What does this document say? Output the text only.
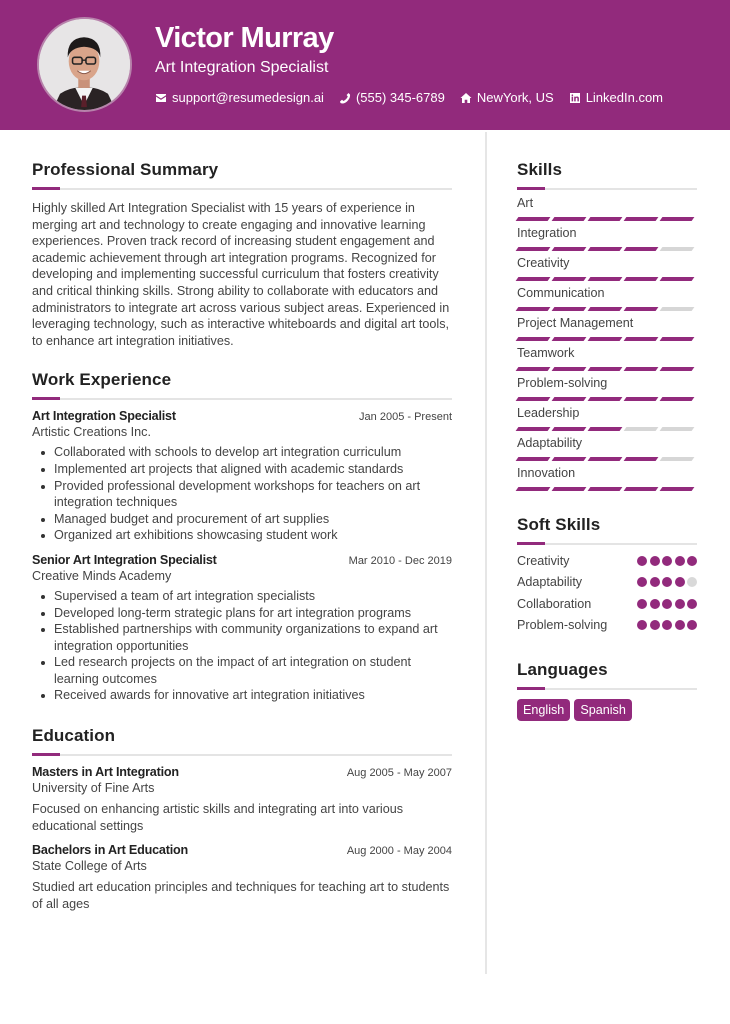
Victor Murray
Art Integration Specialist
support@resumedesign.ai (555) 345-6789 NewYork, US LinkedIn.com
Professional Summary

Highly skilled Art Integration Specialist with 15 years of experience in merging art and technology to create engaging and innovative learning experiences. Proven track record of increasing student engagement and academic achievement through art integration programs. Recognized for developing and implementing successful curriculum that fosters creativity and critical thinking skills. Strong ability to collaborate with educators and administrators to integrate art across various subject areas. Experienced in leveraging technology, such as interactive whiteboards and digital art tools, to enhance art integration initiatives.

Work Experience
Art Integration Specialist	Jan 2005 - Present
Artistic Creations Inc.
Collaborated with schools to develop art integration curriculum
Implemented art projects that aligned with academic standards
Provided professional development workshops for teachers on art integration techniques
Managed budget and procurement of art supplies
Organized art exhibitions showcasing student work
Senior Art Integration Specialist	Mar 2010 - Dec 2019
Creative Minds Academy
Supervised a team of art integration specialists
Developed long-term strategic plans for art integration programs
Established partnerships with community organizations to expand art integration opportunities
Led research projects on the impact of art integration on student learning outcomes
Received awards for innovative art integration initiatives
Education
Masters in Art Integration	Aug 2005 - May 2007
University of Fine Arts

Focused on enhancing artistic skills and integrating art into various educational settings

Bachelors in Art Education	Aug 2000 - May 2004
State College of Arts

Studied art education principles and techniques for teaching art to students of all ages

Skills
Art
Integration
Creativity
Communication
Project Management
Teamwork
Problem-solving
Leadership
Adaptability
Innovation
Soft Skills
Creativity
Adaptability
Collaboration
Problem-solving
Languages
English	Spanish
